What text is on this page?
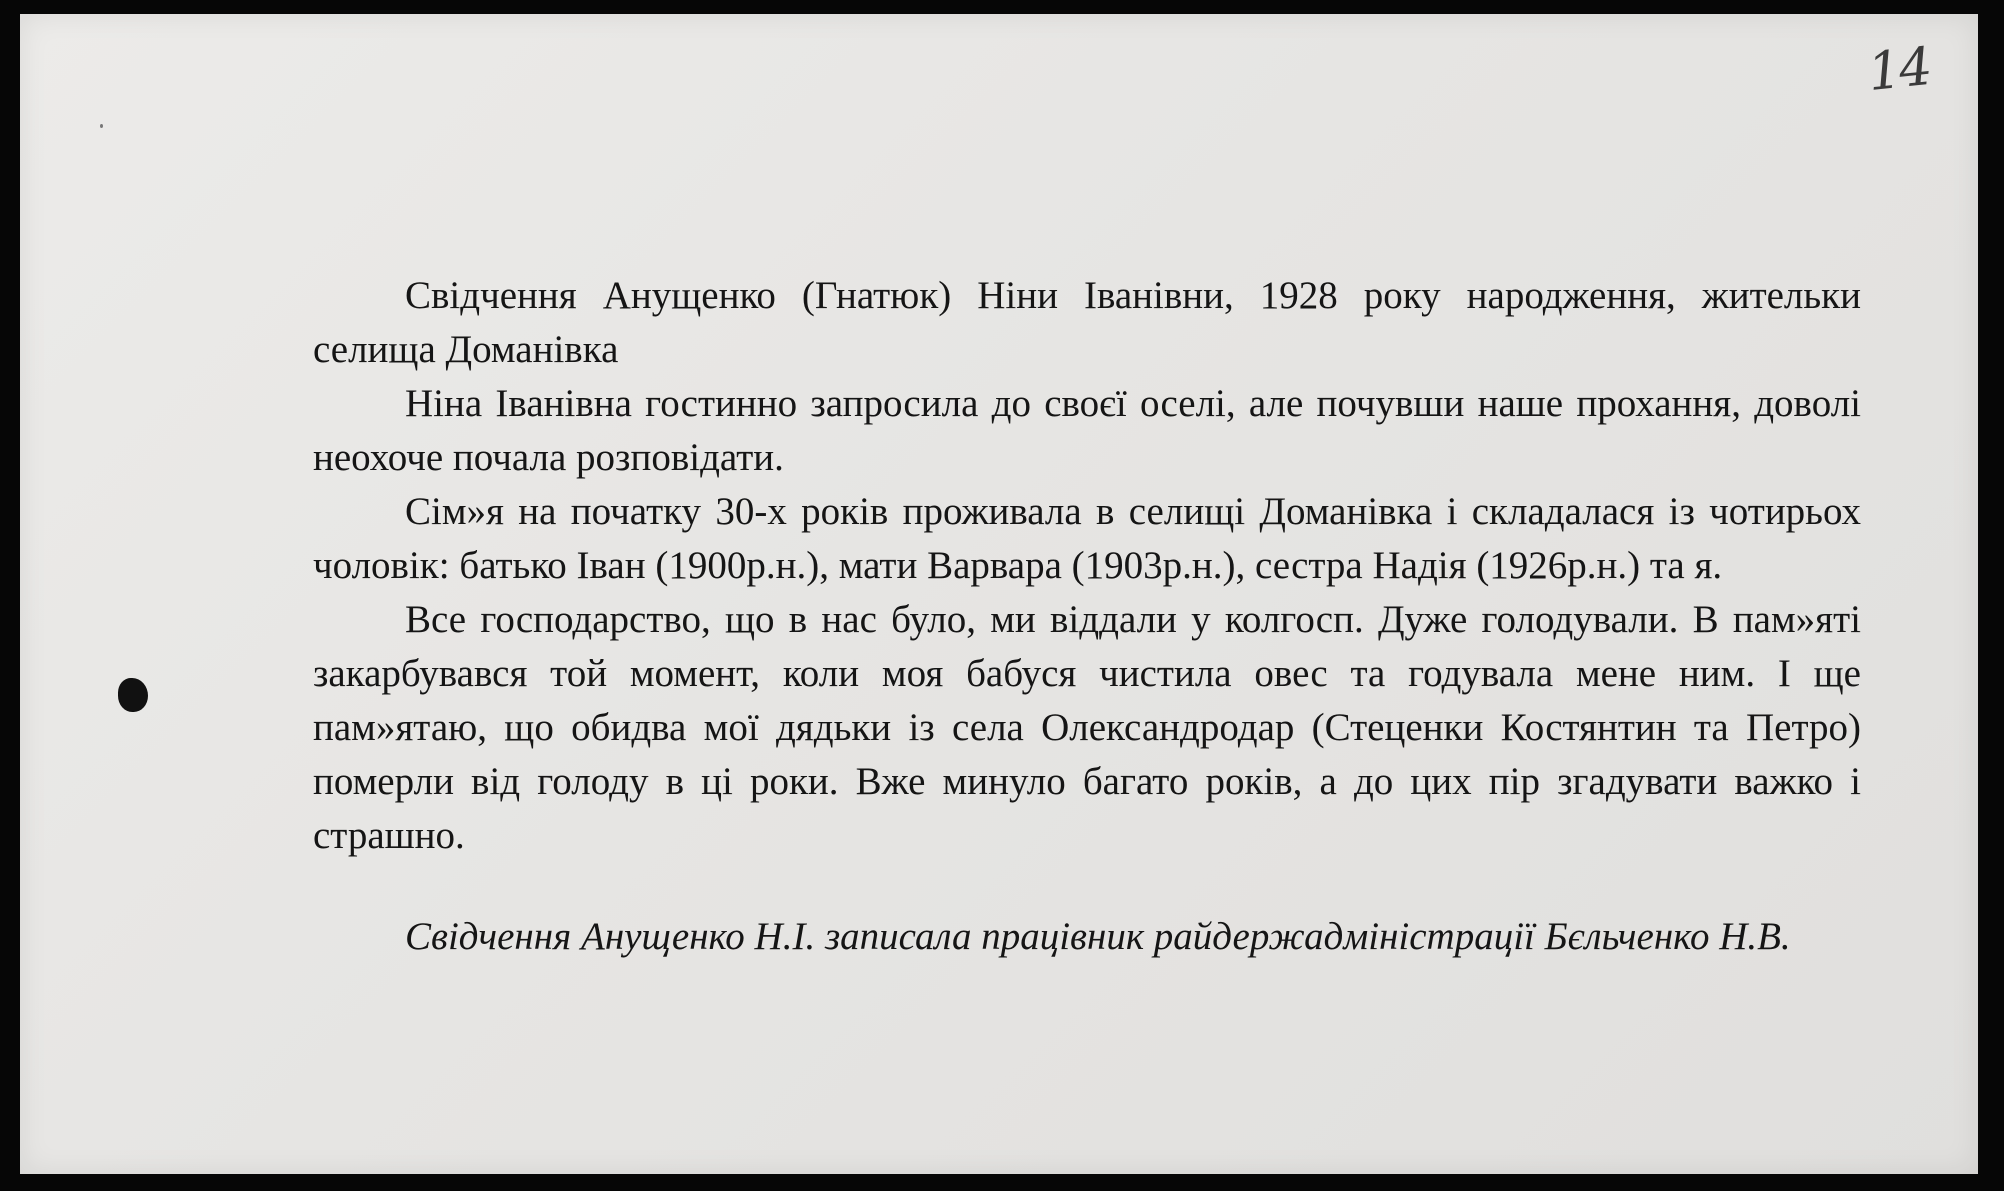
14

Свідчення Анущенко (Гнатюк) Ніни Іванівни, 1928 року народження, жительки селища Доманівка

Ніна Іванівна гостинно запросила до своєї оселі, але почувши наше прохання, доволі неохоче почала розповідати.

Сім»я на початку 30-х років проживала в селищі Доманівка і складалася із чотирьох чоловік: батько Іван (1900р.н.), мати Варвара (1903р.н.), сестра Надія (1926р.н.) та я.

Все господарство, що в нас було, ми віддали у колгосп. Дуже голодували. В пам»яті закарбувався той момент, коли моя бабуся чистила овес та годувала мене ним. І ще пам»ятаю, що обидва мої дядьки із села Олександродар (Стеценки Костянтин та Петро) померли від голоду в ці роки. Вже минуло багато років, а до цих пір згадувати важко і страшно.

Свідчення Анущенко Н.І. записала працівник райдержадміністрації Бєльченко Н.В.
